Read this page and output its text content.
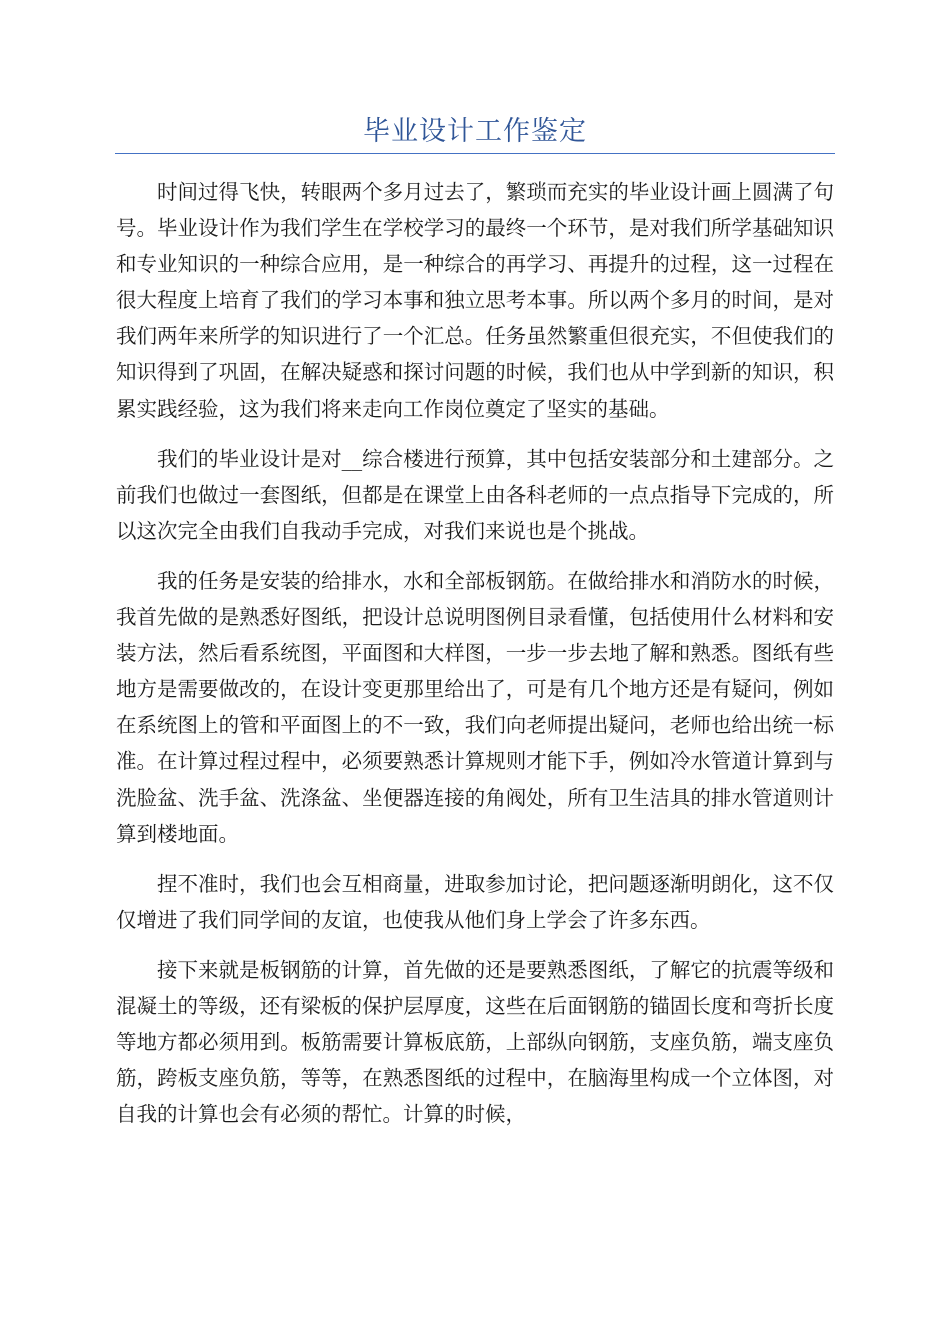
毕业设计工作鉴定

时间过得飞快，转眼两个多月过去了，繁琐而充实的毕业设计画上圆满了句号。毕业设计作为我们学生在学校学习的最终一个环节，是对我们所学基础知识和专业知识的一种综合应用，是一种综合的再学习、再提升的过程，这一过程在很大程度上培育了我们的学习本事和独立思考本事。所以两个多月的时间，是对我们两年来所学的知识进行了一个汇总。任务虽然繁重但很充实，不但使我们的知识得到了巩固，在解决疑惑和探讨问题的时候，我们也从中学到新的知识，积累实践经验，这为我们将来走向工作岗位奠定了坚实的基础。

我们的毕业设计是对__综合楼进行预算，其中包括安装部分和土建部分。之前我们也做过一套图纸，但都是在课堂上由各科老师的一点点指导下完成的，所以这次完全由我们自我动手完成，对我们来说也是个挑战。

我的任务是安装的给排水，水和全部板钢筋。在做给排水和消防水的时候，我首先做的是熟悉好图纸，把设计总说明图例目录看懂，包括使用什么材料和安装方法，然后看系统图，平面图和大样图，一步一步去地了解和熟悉。图纸有些地方是需要做改的，在设计变更那里给出了，可是有几个地方还是有疑问，例如在系统图上的管和平面图上的不一致，我们向老师提出疑问，老师也给出统一标准。在计算过程过程中，必须要熟悉计算规则才能下手，例如冷水管道计算到与洗脸盆、洗手盆、洗涤盆、坐便器连接的角阀处，所有卫生洁具的排水管道则计算到楼地面。

捏不准时，我们也会互相商量，进取参加讨论，把问题逐渐明朗化，这不仅仅增进了我们同学间的友谊，也使我从他们身上学会了许多东西。

接下来就是板钢筋的计算，首先做的还是要熟悉图纸，了解它的抗震等级和混凝土的等级，还有梁板的保护层厚度，这些在后面钢筋的锚固长度和弯折长度等地方都必须用到。板筋需要计算板底筋，上部纵向钢筋，支座负筋，端支座负筋，跨板支座负筋，等等，在熟悉图纸的过程中，在脑海里构成一个立体图，对自我的计算也会有必须的帮忙。计算的时候，
